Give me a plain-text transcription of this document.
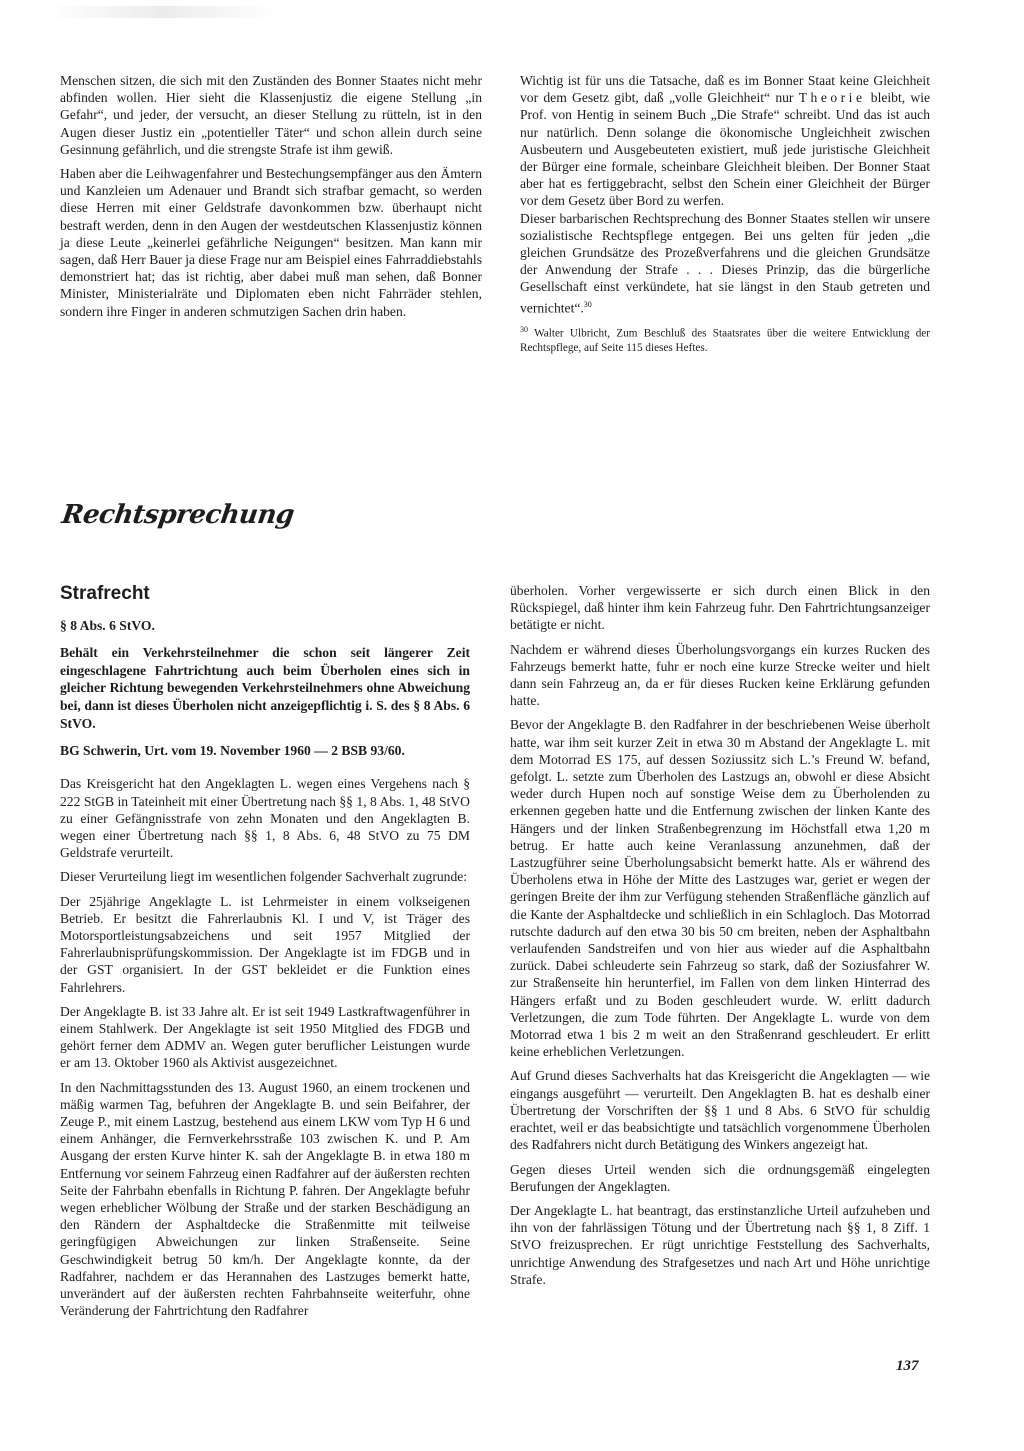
Menschen sitzen, die sich mit den Zuständen des Bonner Staates nicht mehr abfinden wollen. Hier sieht die Klassenjustiz die eigene Stellung „in Gefahr“, und jeder, der versucht, an dieser Stellung zu rütteln, ist in den Augen dieser Justiz ein „potentieller Täter“ und schon allein durch seine Gesinnung gefährlich, und die strengste Strafe ist ihm gewiß.

Haben aber die Leihwagenfahrer und Bestechungsempfänger aus den Ämtern und Kanzleien um Adenauer und Brandt sich strafbar gemacht, so werden diese Herren mit einer Geldstrafe davonkommen bzw. überhaupt nicht bestraft werden, denn in den Augen der westdeutschen Klassenjustiz können ja diese Leute „keinerlei gefährliche Neigungen“ besitzen. Man kann mir sagen, daß Herr Bauer ja diese Frage nur am Beispiel eines Fahrraddiebstahls demonstriert hat; das ist richtig, aber dabei muß man sehen, daß Bonner Minister, Ministerialräte und Diplomaten eben nicht Fahrräder stehlen, sondern ihre Finger in anderen schmutzigen Sachen drin haben.

Wichtig ist für uns die Tatsache, daß es im Bonner Staat keine Gleichheit vor dem Gesetz gibt, daß „volle Gleichheit“ nur Theorie bleibt, wie Prof. von Hentig in seinem Buch „Die Strafe“ schreibt. Und das ist auch nur natürlich. Denn solange die ökonomische Ungleichheit zwischen Ausbeutern und Ausgebeuteten existiert, muß jede juristische Gleichheit der Bürger eine formale, scheinbare Gleichheit bleiben. Der Bonner Staat aber hat es fertiggebracht, selbst den Schein einer Gleichheit der Bürger vor dem Gesetz über Bord zu werfen.

Dieser barbarischen Rechtsprechung des Bonner Staates stellen wir unsere sozialistische Rechtspflege entgegen. Bei uns gelten für jeden „die gleichen Grundsätze des Prozeßverfahrens und die gleichen Grundsätze der Anwendung der Strafe . . . Dieses Prinzip, das die bürgerliche Gesellschaft einst verkündete, hat sie längst in den Staub getreten und vernichtet“.$^{30}$

$^{30}$ Walter Ulbricht, Zum Beschluß des Staatsrates über die weitere Entwicklung der Rechtspflege, auf Seite 115 dieses Heftes.

Rechtsprechung

Strafrecht

§ 8 Abs. 6 StVO.

Behält ein Verkehrsteilnehmer die schon seit längerer Zeit eingeschlagene Fahrtrichtung auch beim Überholen eines sich in gleicher Richtung bewegenden Verkehrsteilnehmers ohne Abweichung bei, dann ist dieses Überholen nicht anzeigepflichtig i. S. des § 8 Abs. 6 StVO.

BG Schwerin, Urt. vom 19. November 1960 — 2 BSB 93/60.

Das Kreisgericht hat den Angeklagten L. wegen eines Vergehens nach § 222 StGB in Tateinheit mit einer Übertretung nach §§ 1, 8 Abs. 1, 48 StVO zu einer Gefängnisstrafe von zehn Monaten und den Angeklagten B. wegen einer Übertretung nach §§ 1, 8 Abs. 6, 48 StVO zu 75 DM Geldstrafe verurteilt.

Dieser Verurteilung liegt im wesentlichen folgender Sachverhalt zugrunde:

Der 25jährige Angeklagte L. ist Lehrmeister in einem volkseigenen Betrieb. Er besitzt die Fahrerlaubnis Kl. I und V, ist Träger des Motorsportleistungsabzeichens und seit 1957 Mitglied der Fahrerlaubnisprüfungskommission. Der Angeklagte ist im FDGB und in der GST organisiert. In der GST bekleidet er die Funktion eines Fahrlehrers.

Der Angeklagte B. ist 33 Jahre alt. Er ist seit 1949 Lastkraftwagenführer in einem Stahlwerk. Der Angeklagte ist seit 1950 Mitglied des FDGB und gehört ferner dem ADMV an. Wegen guter beruflicher Leistungen wurde er am 13. Oktober 1960 als Aktivist ausgezeichnet.

In den Nachmittagsstunden des 13. August 1960, an einem trockenen und mäßig warmen Tag, befuhren der Angeklagte B. und sein Beifahrer, der Zeuge P., mit einem Lastzug, bestehend aus einem LKW vom Typ H 6 und einem Anhänger, die Fernverkehrsstraße 103 zwischen K. und P. Am Ausgang der ersten Kurve hinter K. sah der Angeklagte B. in etwa 180 m Entfernung vor seinem Fahrzeug einen Radfahrer auf der äußersten rechten Seite der Fahrbahn ebenfalls in Richtung P. fahren. Der Angeklagte befuhr wegen erheblicher Wölbung der Straße und der starken Beschädigung an den Rändern der Asphaltdecke die Straßenmitte mit teilweise geringfügigen Abweichungen zur linken Straßenseite. Seine Geschwindigkeit betrug 50 km/h. Der Angeklagte konnte, da der Radfahrer, nachdem er das Herannahen des Lastzuges bemerkt hatte, unverändert auf der äußersten rechten Fahrbahnseite weiterfuhr, ohne Veränderung der Fahrtrichtung den Radfahrer

überholen. Vorher vergewisserte er sich durch einen Blick in den Rückspiegel, daß hinter ihm kein Fahrzeug fuhr. Den Fahrtrichtungsanzeiger betätigte er nicht.

Nachdem er während dieses Überholungsvorgangs ein kurzes Rucken des Fahrzeugs bemerkt hatte, fuhr er noch eine kurze Strecke weiter und hielt dann sein Fahrzeug an, da er für dieses Rucken keine Erklärung gefunden hatte.

Bevor der Angeklagte B. den Radfahrer in der beschriebenen Weise überholt hatte, war ihm seit kurzer Zeit in etwa 30 m Abstand der Angeklagte L. mit dem Motorrad ES 175, auf dessen Soziussitz sich L.’s Freund W. befand, gefolgt. L. setzte zum Überholen des Lastzugs an, obwohl er diese Absicht weder durch Hupen noch auf sonstige Weise dem zu Überholenden zu erkennen gegeben hatte und die Entfernung zwischen der linken Kante des Hängers und der linken Straßenbegrenzung im Höchstfall etwa 1,20 m betrug. Er hatte auch keine Veranlassung anzunehmen, daß der Lastzugführer seine Überholungsabsicht bemerkt hatte. Als er während des Überholens etwa in Höhe der Mitte des Lastzuges war, geriet er wegen der geringen Breite der ihm zur Verfügung stehenden Straßenfläche gänzlich auf die Kante der Asphaltdecke und schließlich in ein Schlagloch. Das Motorrad rutschte dadurch auf den etwa 30 bis 50 cm breiten, neben der Asphaltbahn verlaufenden Sandstreifen und von hier aus wieder auf die Asphaltbahn zurück. Dabei schleuderte sein Fahrzeug so stark, daß der Soziusfahrer W. zur Straßenseite hin herunterfiel, im Fallen von dem linken Hinterrad des Hängers erfaßt und zu Boden geschleudert wurde. W. erlitt dadurch Verletzungen, die zum Tode führten. Der Angeklagte L. wurde von dem Motorrad etwa 1 bis 2 m weit an den Straßenrand geschleudert. Er erlitt keine erheblichen Verletzungen.

Auf Grund dieses Sachverhalts hat das Kreisgericht die Angeklagten — wie eingangs ausgeführt — verurteilt. Den Angeklagten B. hat es deshalb einer Übertretung der Vorschriften der §§ 1 und 8 Abs. 6 StVO für schuldig erachtet, weil er das beabsichtigte und tatsächlich vorgenommene Überholen des Radfahrers nicht durch Betätigung des Winkers angezeigt hat.

Gegen dieses Urteil wenden sich die ordnungsgemäß eingelegten Berufungen der Angeklagten.

Der Angeklagte L. hat beantragt, das erstinstanzliche Urteil aufzuheben und ihn von der fahrlässigen Tötung und der Übertretung nach §§ 1, 8 Ziff. 1 StVO freizusprechen. Er rügt unrichtige Feststellung des Sachverhalts, unrichtige Anwendung des Strafgesetzes und nach Art und Höhe unrichtige Strafe.

137
